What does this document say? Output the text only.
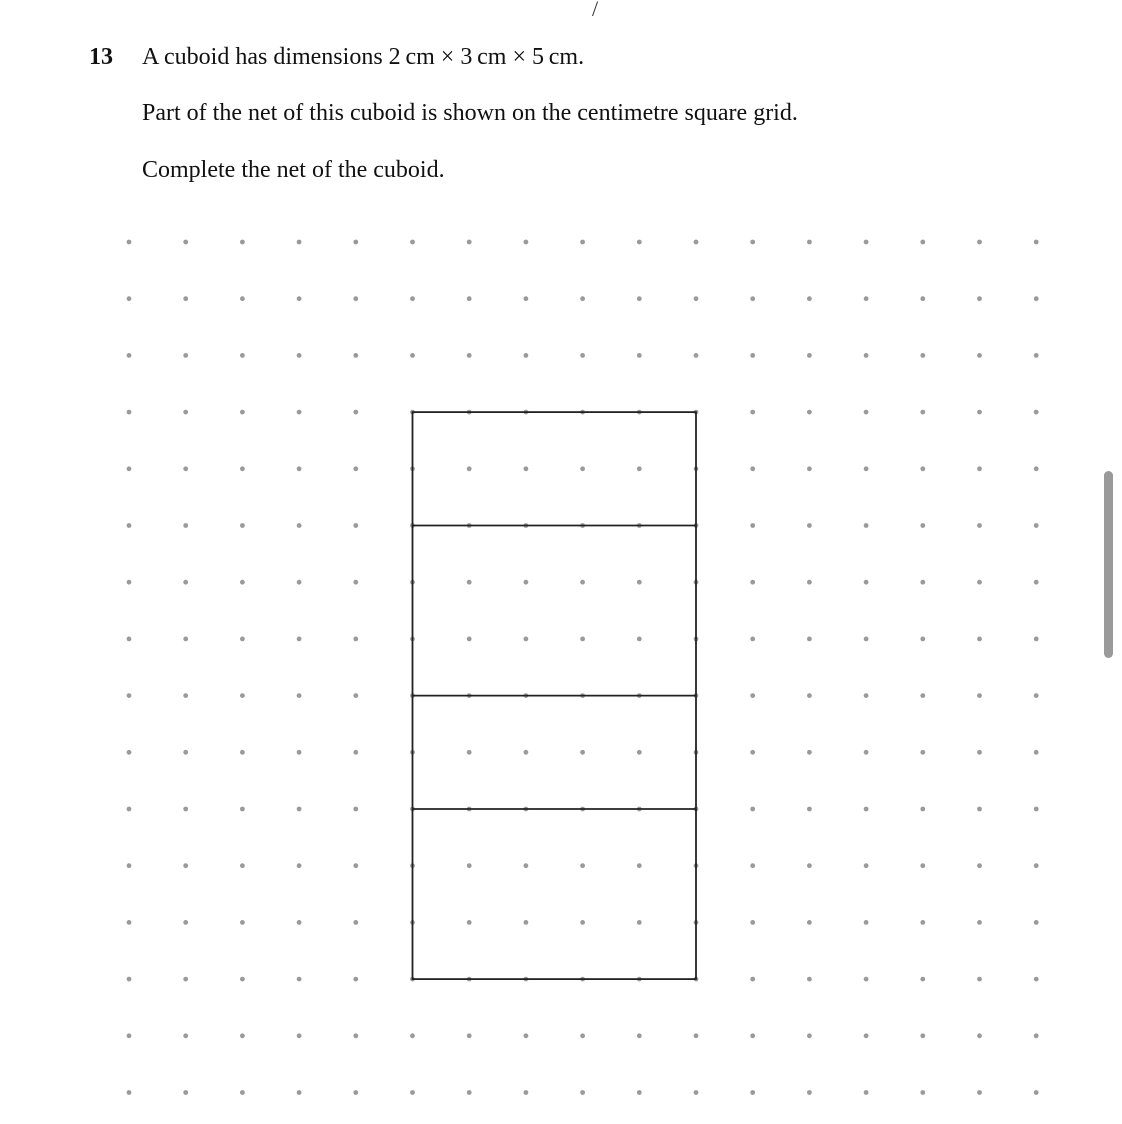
/
13 A cuboid has dimensions 2 cm × 3 cm × 5 cm.
Part of the net of this cuboid is shown on the centimetre square grid.
Complete the net of the cuboid.
